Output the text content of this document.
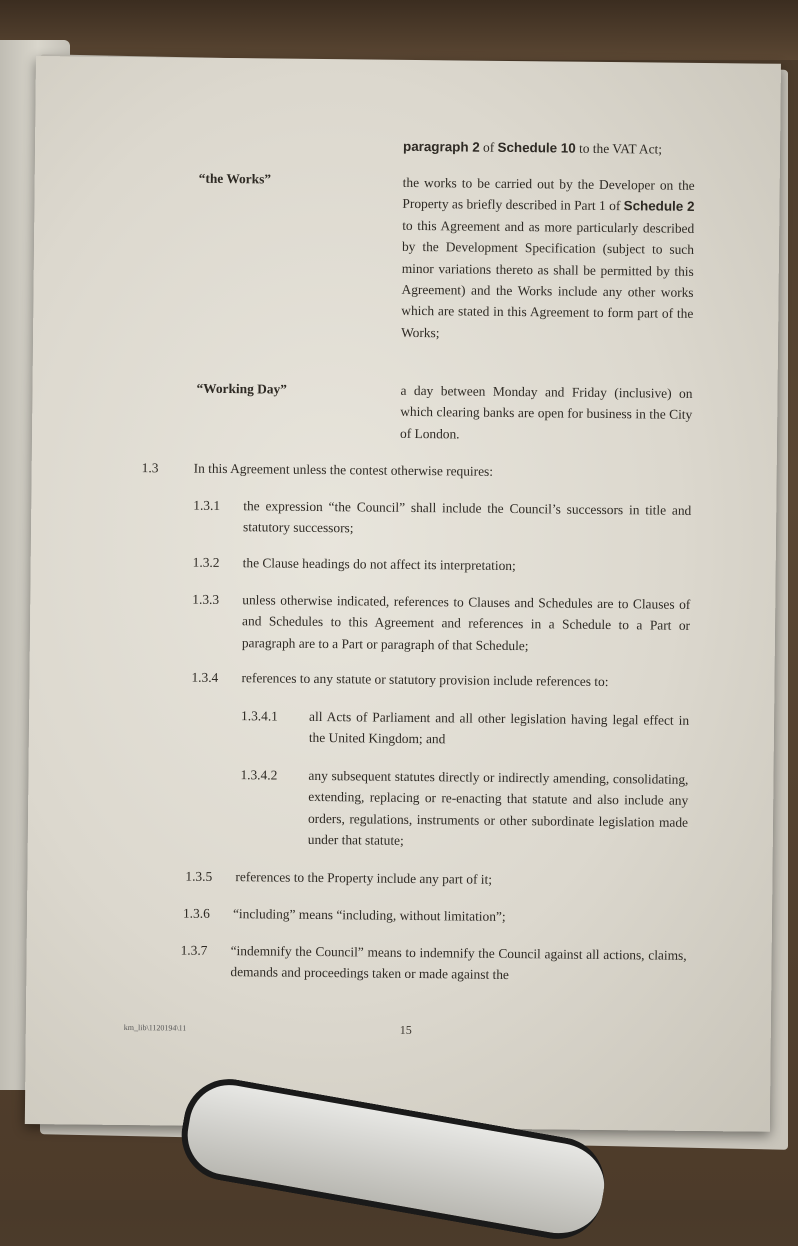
paragraph 2 of Schedule 10 to the VAT Act;
“the Works”	the works to be carried out by the Developer on the Property as briefly described in Part 1 of Schedule 2 to this Agreement and as more particularly described by the Development Specification (subject to such minor variations thereto as shall be permitted by this Agreement) and the Works include any other works which are stated in this Agreement to form part of the Works;
“Working Day”	a day between Monday and Friday (inclusive) on which clearing banks are open for business in the City of London.
1.3	In this Agreement unless the contest otherwise requires:
1.3.1 the expression “the Council” shall include the Council’s successors in title and statutory successors;
1.3.2 the Clause headings do not affect its interpretation;
1.3.3 unless otherwise indicated, references to Clauses and Schedules are to Clauses of and Schedules to this Agreement and references in a Schedule to a Part or paragraph are to a Part or paragraph of that Schedule;
1.3.4 references to any statute or statutory provision include references to:
1.3.4.1 all Acts of Parliament and all other legislation having legal effect in the United Kingdom; and
1.3.4.2 any subsequent statutes directly or indirectly amending, consolidating, extending, replacing or re-enacting that statute and also include any orders, regulations, instruments or other subordinate legislation made under that statute;
1.3.5 references to the Property include any part of it;
1.3.6 “including” means “including, without limitation”;
1.3.7 “indemnify the Council” means to indemnify the Council against all actions, claims, demands and proceedings taken or made against the
km_lib\1120194\11	15
